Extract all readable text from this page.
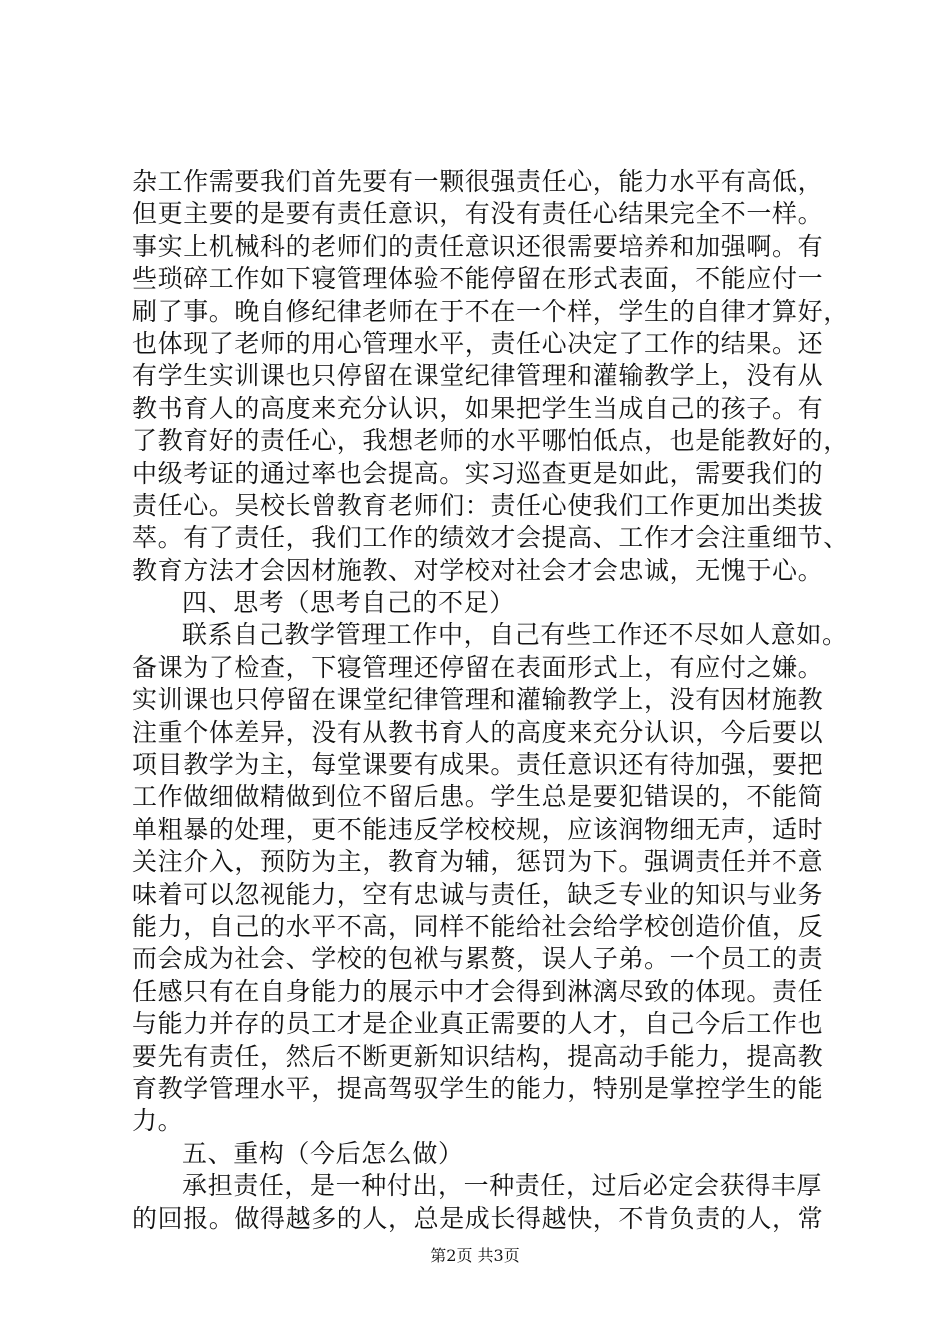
杂工作需要我们首先要有一颗很强责任心，能力水平有高低，
但更主要的是要有责任意识，有没有责任心结果完全不一样。
事实上机械科的老师们的责任意识还很需要培养和加强啊。有
些琐碎工作如下寝管理体验不能停留在形式表面，不能应付一
刷了事。晚自修纪律老师在于不在一个样，学生的自律才算好，
也体现了老师的用心管理水平，责任心决定了工作的结果。还
有学生实训课也只停留在课堂纪律管理和灌输教学上，没有从
教书育人的高度来充分认识，如果把学生当成自己的孩子。有
了教育好的责任心，我想老师的水平哪怕低点，也是能教好的，
中级考证的通过率也会提高。实习巡查更是如此，需要我们的
责任心。吴校长曾教育老师们：责任心使我们工作更加出类拔
萃。有了责任，我们工作的绩效才会提高、工作才会注重细节、
教育方法才会因材施教、对学校对社会才会忠诚，无愧于心。
四、思考（思考自己的不足）
联系自己教学管理工作中，自己有些工作还不尽如人意如。
备课为了检查，下寝管理还停留在表面形式上，有应付之嫌。
实训课也只停留在课堂纪律管理和灌输教学上，没有因材施教
注重个体差异，没有从教书育人的高度来充分认识，今后要以
项目教学为主，每堂课要有成果。责任意识还有待加强，要把
工作做细做精做到位不留后患。学生总是要犯错误的，不能简
单粗暴的处理，更不能违反学校校规，应该润物细无声，适时
关注介入，预防为主，教育为辅，惩罚为下。强调责任并不意
味着可以忽视能力，空有忠诚与责任，缺乏专业的知识与业务
能力，自己的水平不高，同样不能给社会给学校创造价值，反
而会成为社会、学校的包袱与累赘，误人子弟。一个员工的责
任感只有在自身能力的展示中才会得到淋漓尽致的体现。责任
与能力并存的员工才是企业真正需要的人才，自己今后工作也
要先有责任，然后不断更新知识结构，提高动手能力，提高教
育教学管理水平，提高驾驭学生的能力，特别是掌控学生的能
力。
五、重构（今后怎么做）
承担责任，是一种付出，一种责任，过后必定会获得丰厚
的回报。做得越多的人，总是成长得越快，不肯负责的人，常
第2页 共3页
